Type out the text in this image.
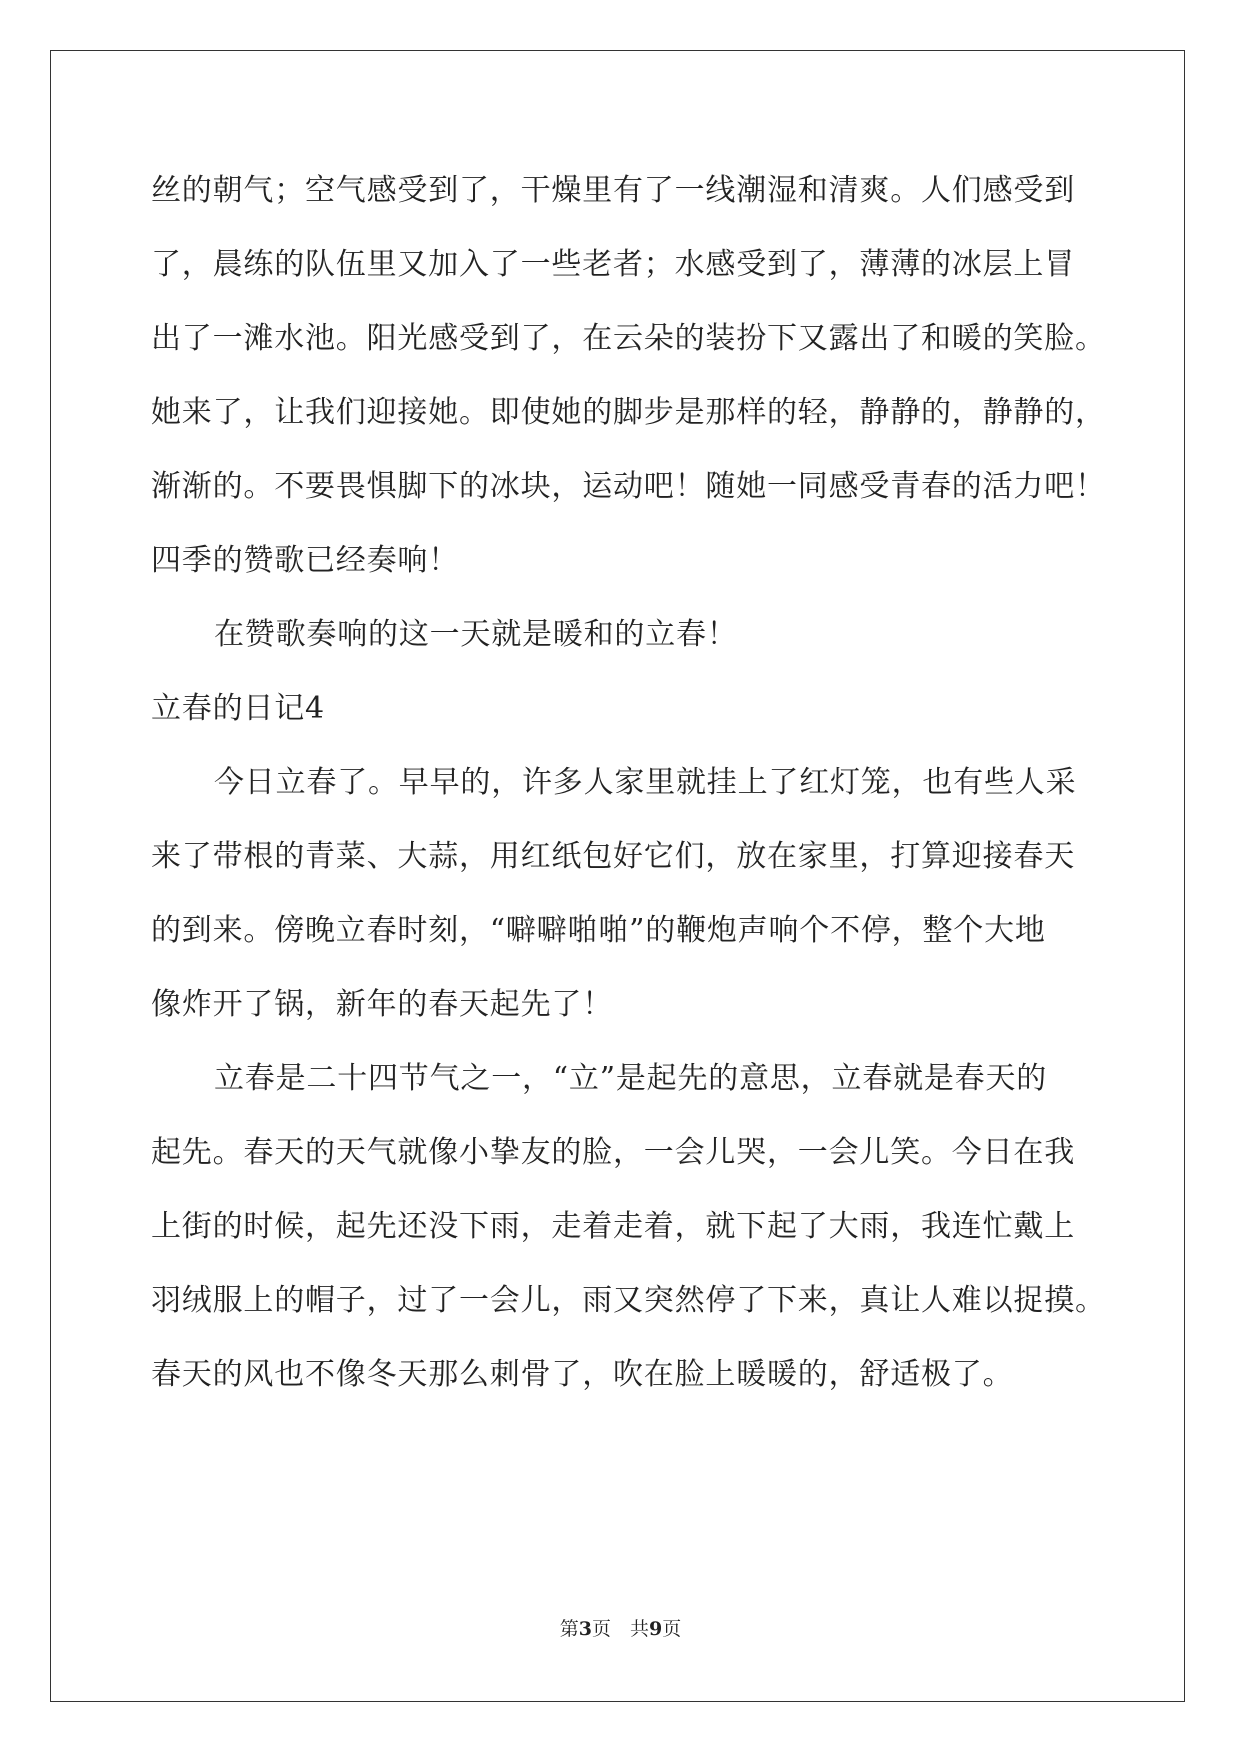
丝的朝气；空气感受到了，干燥里有了一线潮湿和清爽。人们感受到
了，晨练的队伍里又加入了一些老者；水感受到了，薄薄的冰层上冒
出了一滩水池。阳光感受到了，在云朵的装扮下又露出了和暖的笑脸。
她来了，让我们迎接她。即使她的脚步是那样的轻，静静的，静静的，
渐渐的。不要畏惧脚下的冰块，运动吧！随她一同感受青春的活力吧！
四季的赞歌已经奏响！
在赞歌奏响的这一天就是暖和的立春！
立春的日记4
今日立春了。早早的，许多人家里就挂上了红灯笼，也有些人采
来了带根的青菜、大蒜，用红纸包好它们，放在家里，打算迎接春天
的到来。傍晚立春时刻，“噼噼啪啪”的鞭炮声响个不停，整个大地
像炸开了锅，新年的春天起先了！
立春是二十四节气之一，“立”是起先的意思，立春就是春天的
起先。春天的天气就像小挚友的脸，一会儿哭，一会儿笑。今日在我
上街的时候，起先还没下雨，走着走着，就下起了大雨，我连忙戴上
羽绒服上的帽子，过了一会儿，雨又突然停了下来，真让人难以捉摸。
春天的风也不像冬天那么刺骨了，吹在脸上暖暖的，舒适极了。
第3页　共9页
